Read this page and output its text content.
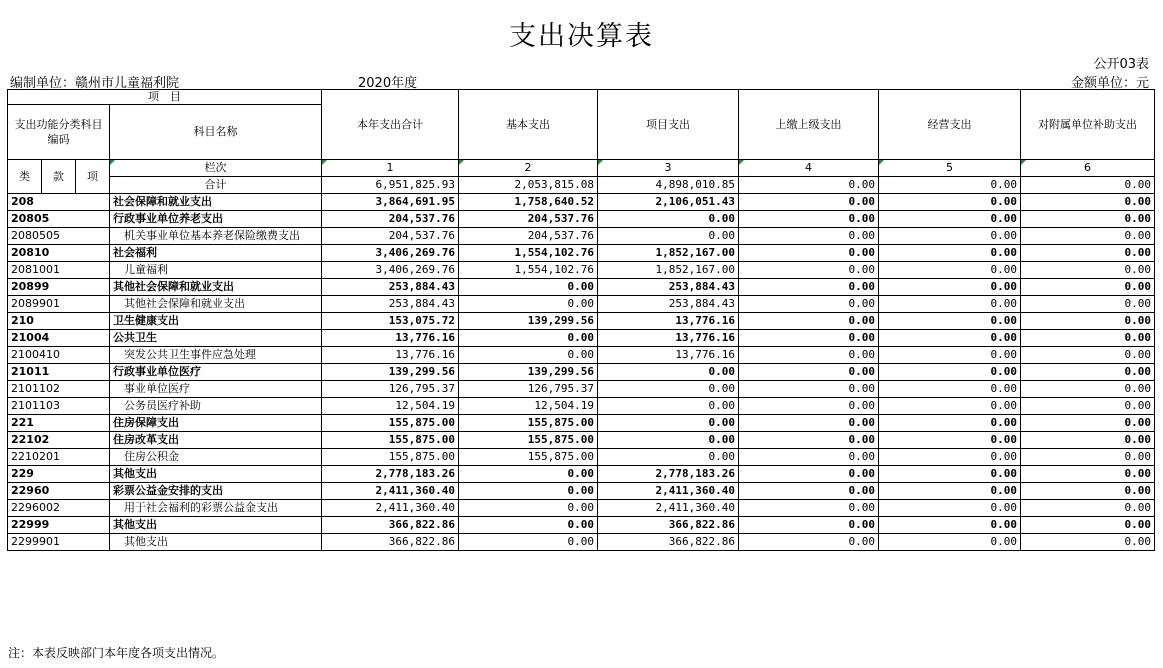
支出决算表
公开03表
编制单位：赣州市儿童福利院	2020年度	金额单位：元
项　目				本年支出合计	基本支出	项目支出	上缴上级支出	经营支出	对附属单位补助支出
支出功能分类科目编码			科目名称						
类	款	项	栏次	1	2	3	4	5	6
			合计	6,951,825.93	2,053,815.08	4,898,010.85	0.00	0.00	0.00
208			社会保障和就业支出	3,864,691.95	1,758,640.52	2,106,051.43	0.00	0.00	0.00
20805			行政事业单位养老支出	204,537.76	204,537.76	0.00	0.00	0.00	0.00
2080505			机关事业单位基本养老保险缴费支出	204,537.76	204,537.76	0.00	0.00	0.00	0.00
20810			社会福利	3,406,269.76	1,554,102.76	1,852,167.00	0.00	0.00	0.00
2081001			儿童福利	3,406,269.76	1,554,102.76	1,852,167.00	0.00	0.00	0.00
20899			其他社会保障和就业支出	253,884.43	0.00	253,884.43	0.00	0.00	0.00
2089901			其他社会保障和就业支出	253,884.43	0.00	253,884.43	0.00	0.00	0.00
210			卫生健康支出	153,075.72	139,299.56	13,776.16	0.00	0.00	0.00
21004			公共卫生	13,776.16	0.00	13,776.16	0.00	0.00	0.00
2100410			突发公共卫生事件应急处理	13,776.16	0.00	13,776.16	0.00	0.00	0.00
21011			行政事业单位医疗	139,299.56	139,299.56	0.00	0.00	0.00	0.00
2101102			事业单位医疗	126,795.37	126,795.37	0.00	0.00	0.00	0.00
2101103			公务员医疗补助	12,504.19	12,504.19	0.00	0.00	0.00	0.00
221			住房保障支出	155,875.00	155,875.00	0.00	0.00	0.00	0.00
22102			住房改革支出	155,875.00	155,875.00	0.00	0.00	0.00	0.00
2210201			住房公积金	155,875.00	155,875.00	0.00	0.00	0.00	0.00
229			其他支出	2,778,183.26	0.00	2,778,183.26	0.00	0.00	0.00
22960			彩票公益金安排的支出	2,411,360.40	0.00	2,411,360.40	0.00	0.00	0.00
2296002			用于社会福利的彩票公益金支出	2,411,360.40	0.00	2,411,360.40	0.00	0.00	0.00
22999			其他支出	366,822.86	0.00	366,822.86	0.00	0.00	0.00
2299901			其他支出	366,822.86	0.00	366,822.86	0.00	0.00	0.00
注：本表反映部门本年度各项支出情况。
